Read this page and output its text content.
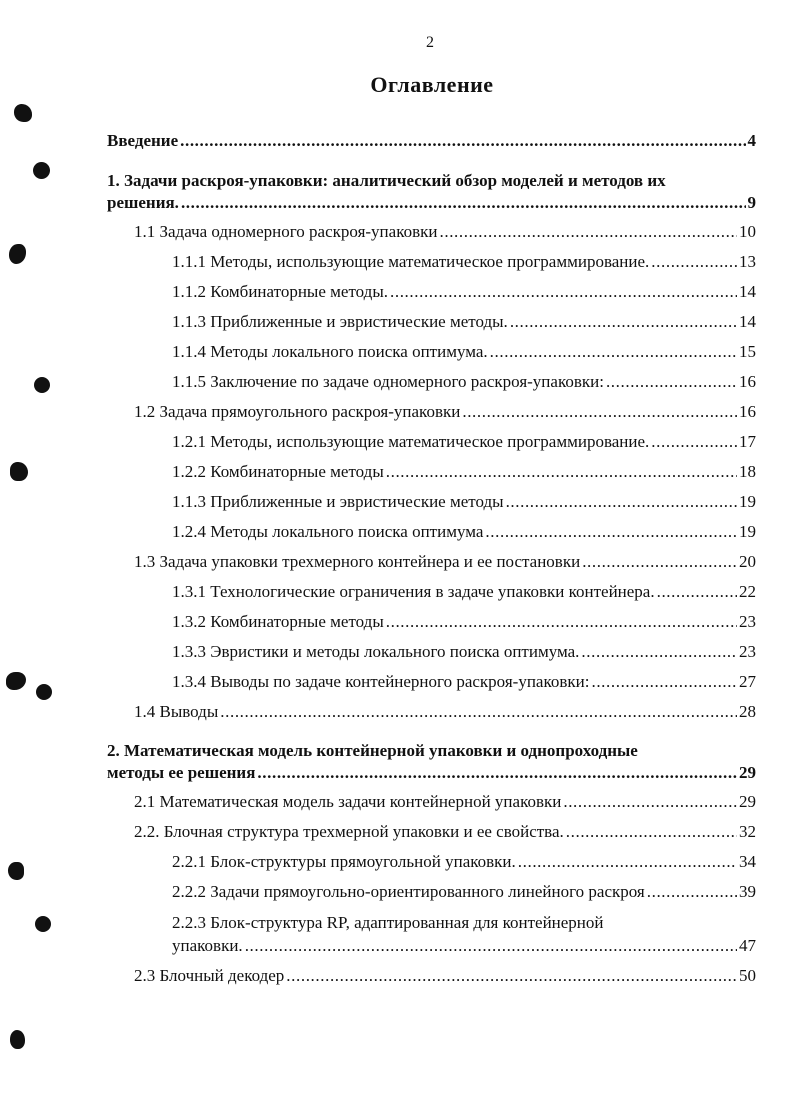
2
Оглавление
Введение .....	4
1. Задачи раскроя-упаковки: аналитический обзор моделей и методов их
решения. .....	9
1.1 Задача одномерного раскроя-упаковки .....	10
1.1.1 Методы, использующие математическое программирование. .....	13
1.1.2 Комбинаторные методы. .....	14
1.1.3 Приближенные и эвристические методы. .....	14
1.1.4 Методы локального поиска оптимума. .....	15
1.1.5 Заключение по задаче одномерного раскроя-упаковки: .....	16
1.2 Задача прямоугольного раскроя-упаковки .....	16
1.2.1 Методы, использующие математическое программирование. .....	17
1.2.2 Комбинаторные методы .....	18
1.1.3 Приближенные и эвристические методы .....	19
1.2.4 Методы локального поиска оптимума .....	19
1.3 Задача упаковки трехмерного контейнера и ее постановки .....	20
1.3.1 Технологические ограничения в задаче упаковки контейнера. .....	22
1.3.2 Комбинаторные методы .....	23
1.3.3 Эвристики и методы локального поиска оптимума. .....	23
1.3.4 Выводы по задаче контейнерного раскроя-упаковки: .....	27
1.4 Выводы .....	28
2. Математическая модель контейнерной упаковки и однопроходные
методы ее решения .....	29
2.1 Математическая модель задачи контейнерной упаковки .....	29
2.2. Блочная структура трехмерной упаковки и ее свойства. .....	32
2.2.1 Блок-структуры прямоугольной упаковки. .....	34
2.2.2 Задачи прямоугольно-ориентированного линейного раскроя .....	39
2.2.3 Блок-структура RP, адаптированная для контейнерной
упаковки. .....	47
2.3 Блочный декодер .....	50
